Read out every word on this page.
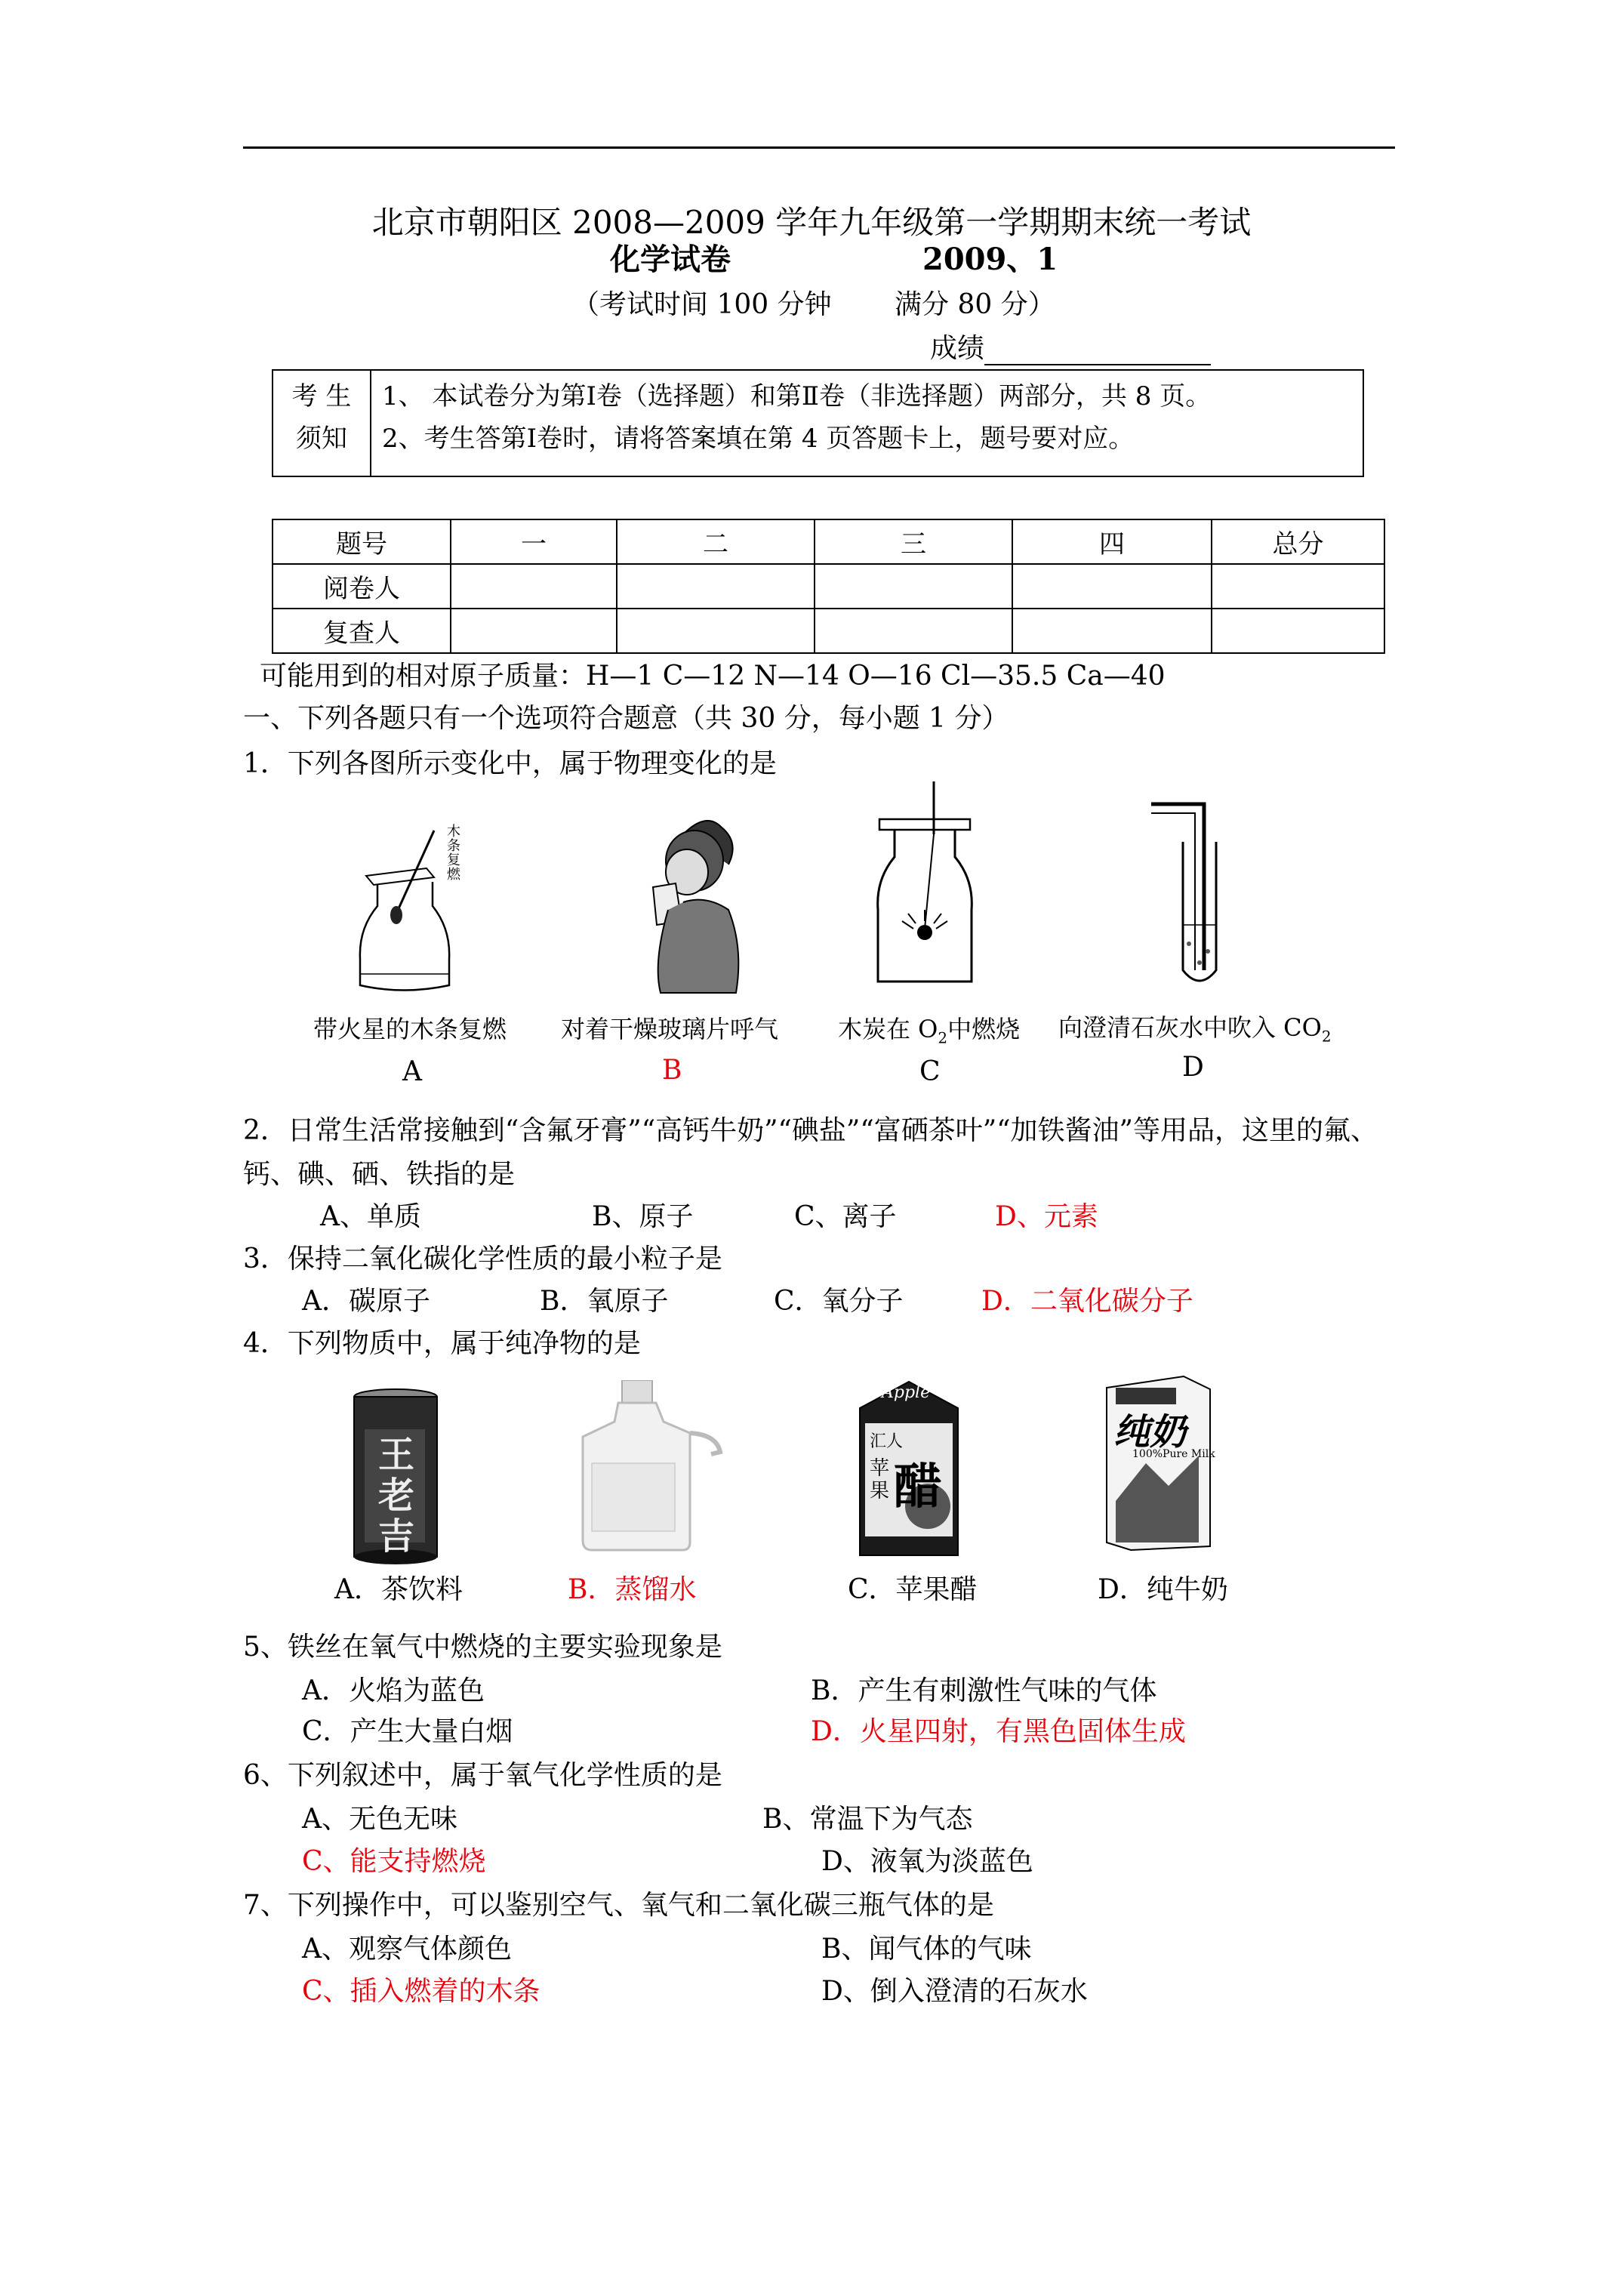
北京市朝阳区 2008—2009 学年九年级第一学期期末统一考试
化学试卷	2009、1
（考试时间 100 分钟 满分 80 分）
成绩
考 生
须知

1、 本试卷分为第Ⅰ卷（选择题）和第Ⅱ卷（非选择题）两部分，共 8 页。
2、考生答第Ⅰ卷时，请将答案填在第 4 页答题卡上，题号要对应。
题号	一	二	三	四	总分
阅卷人					
复查人					
可能用到的相对原子质量：H—1 C—12 N—14 O—16 Cl—35.5 Ca—40
一、下列各题只有一个选项符合题意（共 30 分，每小题 1 分）
1．下列各图所示变化中，属于物理变化的是
木条复燃
带火星的木条复燃 对着干燥玻璃片呼气 木炭在 $O_2$中燃烧 向澄清石灰水中吹入 $CO_2$
A	B	C	D
2．日常生活常接触到“含氟牙膏”“高钙牛奶”“碘盐”“富硒茶叶”“加铁酱油”等用品，这里的氟、
钙、碘、硒、铁指的是
A、单质	B、原子	C、离子	D、元素
3．保持二氧化碳化学性质的最小粒子是
A．碳原子	B．氧原子	C．氧分子	D．二氧化碳分子
4．下列物质中，属于纯净物的是
王老吉
Apple
汇人
苹果 醋
纯奶
100%Pure Milk
A．茶饮料	B．蒸馏水	C．苹果醋	D．纯牛奶
5、铁丝在氧气中燃烧的主要实验现象是
A．火焰为蓝色	B．产生有刺激性气味的气体
C．产生大量白烟	D．火星四射，有黑色固体生成
6、下列叙述中，属于氧气化学性质的是
A、无色无味	B、常温下为气态
C、能支持燃烧	D、液氧为淡蓝色
7、下列操作中，可以鉴别空气、氧气和二氧化碳三瓶气体的是
A、观察气体颜色	B、闻气体的气味
C、插入燃着的木条	D、倒入澄清的石灰水
